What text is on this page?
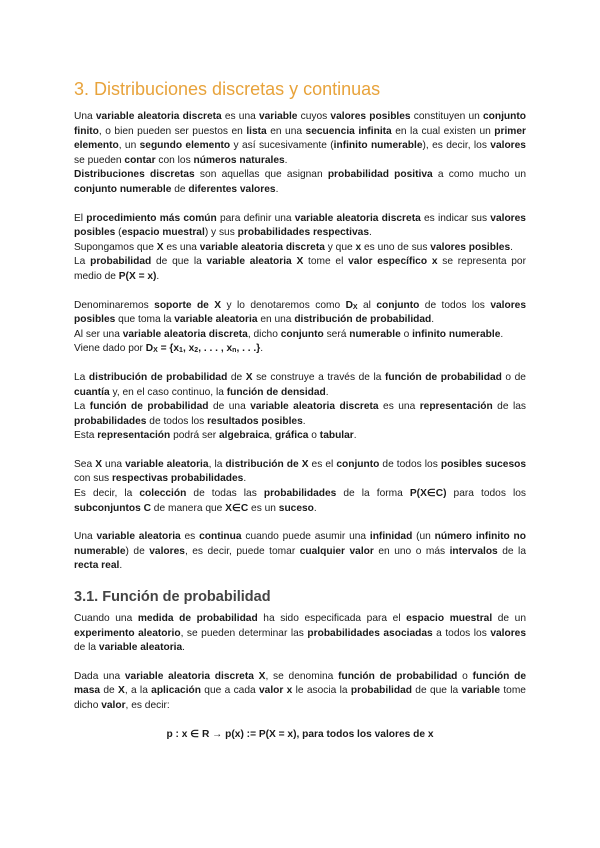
3. Distribuciones discretas y continuas

Una variable aleatoria discreta es una variable cuyos valores posibles constituyen un conjunto finito, o bien pueden ser puestos en lista en una secuencia infinita en la cual existen un primer elemento, un segundo elemento y así sucesivamente (infinito numerable), es decir, los valores se pueden contar con los números naturales.
Distribuciones discretas son aquellas que asignan probabilidad positiva a como mucho un conjunto numerable de diferentes valores.

El procedimiento más común para definir una variable aleatoria discreta es indicar sus valores posibles (espacio muestral) y sus probabilidades respectivas.
Supongamos que X es una variable aleatoria discreta y que x es uno de sus valores posibles.
La probabilidad de que la variable aleatoria X tome el valor específico x se representa por medio de P(X = x).

Denominaremos soporte de X y lo denotaremos como $D_X$ al conjunto de todos los valores posibles que toma la variable aleatoria en una distribución de probabilidad.
Al ser una variable aleatoria discreta, dicho conjunto será numerable o infinito numerable.
Viene dado por $D_X = \{x_1$, $x_2$, . . . , $x_n$, . . .}.

La distribución de probabilidad de X se construye a través de la función de probabilidad o de cuantía y, en el caso continuo, la función de densidad.
La función de probabilidad de una variable aleatoria discreta es una representación de las probabilidades de todos los resultados posibles.
Esta representación podrá ser algebraica, gráfica o tabular.

Sea X una variable aleatoria, la distribución de X es el conjunto de todos los posibles sucesos con sus respectivas probabilidades.
Es decir, la colección de todas las probabilidades de la forma P(X∈C) para todos los subconjuntos C de manera que X∈C es un suceso.

Una variable aleatoria es continua cuando puede asumir una infinidad (un número infinito no numerable) de valores, es decir, puede tomar cualquier valor en uno o más intervalos de la recta real.

3.1. Función de probabilidad

Cuando una medida de probabilidad ha sido especificada para el espacio muestral de un experimento aleatorio, se pueden determinar las probabilidades asociadas a todos los valores de la variable aleatoria.

Dada una variable aleatoria discreta X, se denomina función de probabilidad o función de masa de X, a la aplicación que a cada valor x le asocia la probabilidad de que la variable tome dicho valor, es decir:

p : x ∈ R → p(x) := P(X = x), para todos los valores de x
